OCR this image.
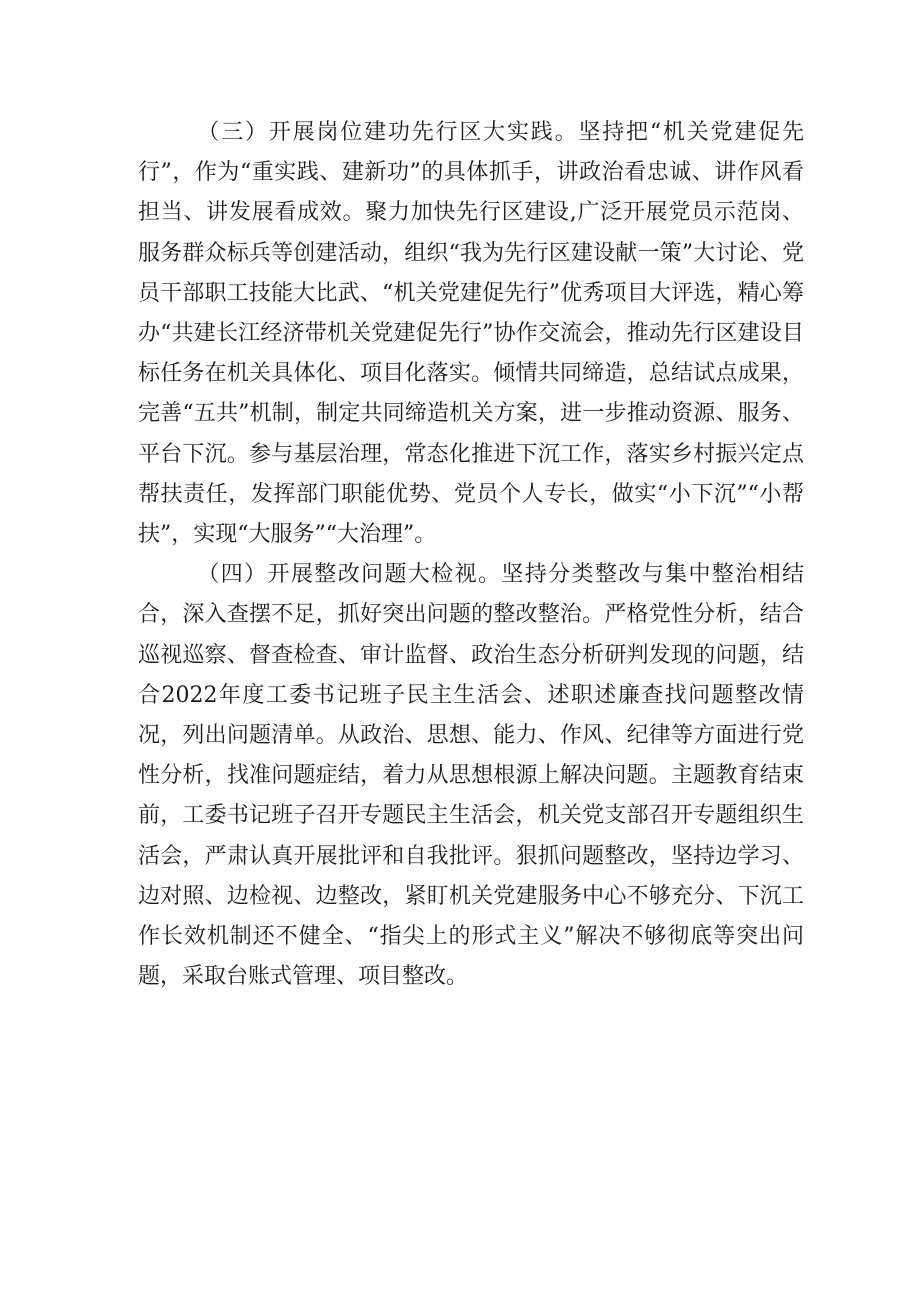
（三）开展岗位建功先行区大实践。坚持把“机关党建促先行”，作为“重实践、建新功”的具体抓手，讲政治看忠诚、讲作风看担当、讲发展看成效。聚力加快先行区建设,广泛开展党员示范岗、服务群众标兵等创建活动，组织“我为先行区建设献一策”大讨论、党员干部职工技能大比武、“机关党建促先行”优秀项目大评选，精心筹办“共建长江经济带机关党建促先行”协作交流会，推动先行区建设目标任务在机关具体化、项目化落实。倾情共同缔造，总结试点成果，完善“五共”机制，制定共同缔造机关方案，进一步推动资源、服务、平台下沉。参与基层治理，常态化推进下沉工作，落实乡村振兴定点帮扶责任，发挥部门职能优势、党员个人专长，做实“小下沉”“小帮扶”，实现“大服务”“大治理”。

（四）开展整改问题大检视。坚持分类整改与集中整治相结合，深入查摆不足，抓好突出问题的整改整治。严格党性分析，结合巡视巡察、督查检查、审计监督、政治生态分析研判发现的问题，结合2022年度工委书记班子民主生活会、述职述廉查找问题整改情况，列出问题清单。从政治、思想、能力、作风、纪律等方面进行党性分析，找准问题症结，着力从思想根源上解决问题。主题教育结束前，工委书记班子召开专题民主生活会，机关党支部召开专题组织生活会，严肃认真开展批评和自我批评。狠抓问题整改，坚持边学习、边对照、边检视、边整改，紧盯机关党建服务中心不够充分、下沉工作长效机制还不健全、“指尖上的形式主义”解决不够彻底等突出问题，采取台账式管理、项目整改。
